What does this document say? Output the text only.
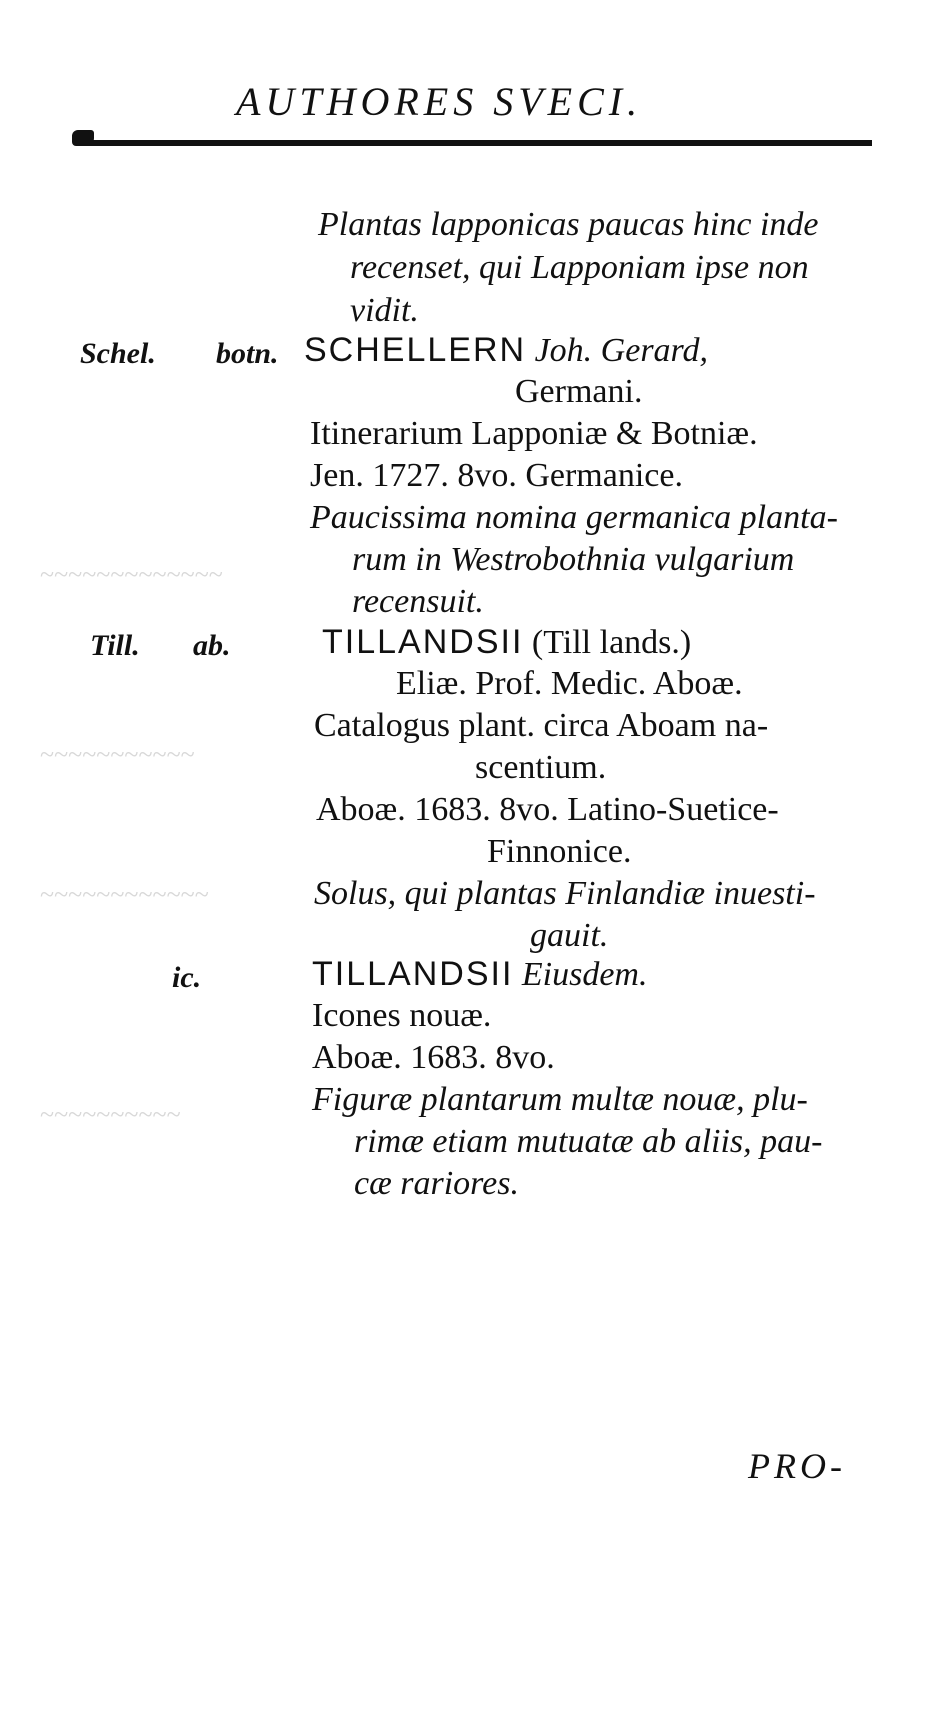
AUTHORES SVECI.
~~~~~~~~~~~~~
~~~~~~~~~~~
~~~~~~~~~~~~
~~~~~~~~~~
Plantas lapponicas paucas hinc inde
recenset, qui Lapponiam ipse non
vidit.
Schel. botn. SCHELLERN Joh. Gerard,
Germani.
Itinerarium Lapponiæ & Botniæ.
Jen. 1727. 8vo. Germanice.
Paucissima nomina germanica planta-
rum in Westrobothnia vulgarium
recensuit.
Till. ab.	TILLANDSII (Till lands.)
Eliæ. Prof. Medic. Aboæ.
Catalogus plant. circa Aboam na-
scentium.
Aboæ. 1683. 8vo. Latino-Suetice-
Finnonice.
Solus, qui plantas Finlandiæ inuesti-
gauit.
ic.	TILLANDSII Eiusdem.
Icones nouæ.
Aboæ. 1683. 8vo.
Figuræ plantarum multæ nouæ, plu-
rimæ etiam mutuatæ ab aliis, pau-
cæ rariores.
PRO-
